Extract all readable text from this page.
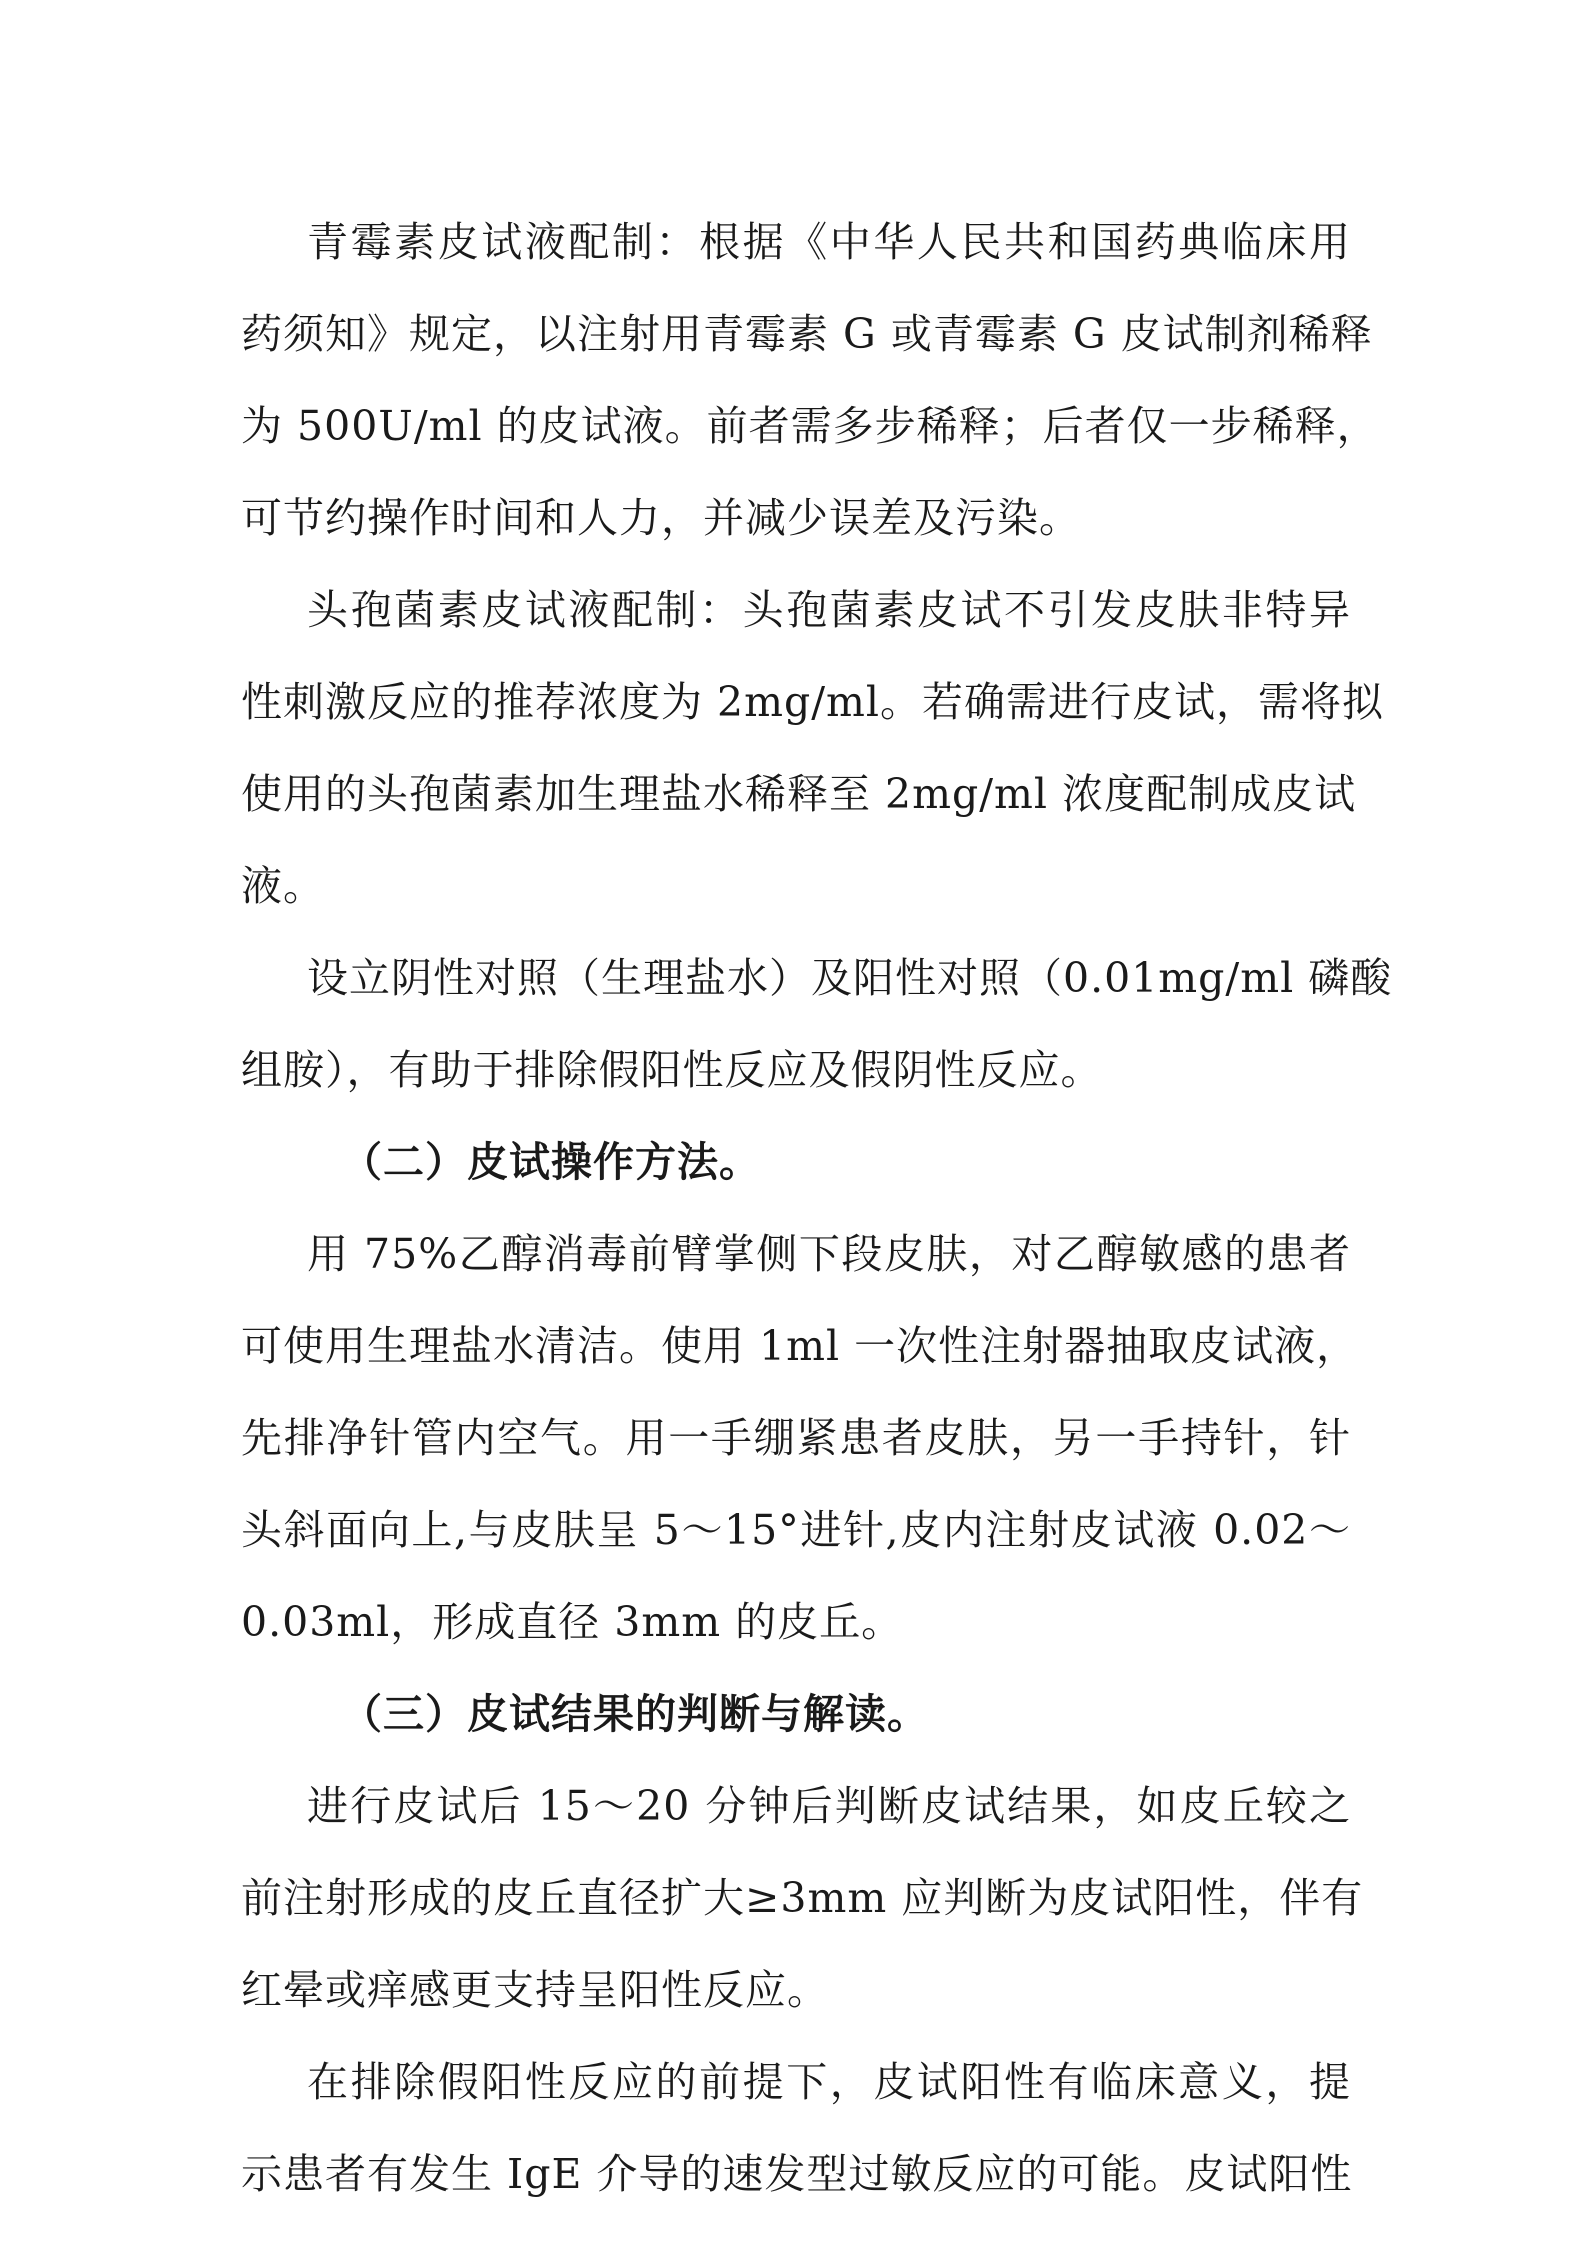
青霉素皮试液配制：根据《中华人民共和国药典临床用
药须知》规定，以注射用青霉素 G 或青霉素 G 皮试制剂稀释
为 500U/ml 的皮试液。前者需多步稀释；后者仅一步稀释，
可节约操作时间和人力，并减少误差及污染。
头孢菌素皮试液配制：头孢菌素皮试不引发皮肤非特异
性刺激反应的推荐浓度为 2mg/ml。若确需进行皮试，需将拟
使用的头孢菌素加生理盐水稀释至 2mg/ml 浓度配制成皮试
液。
设立阴性对照（生理盐水）及阳性对照（0.01mg/ml 磷酸
组胺），有助于排除假阳性反应及假阴性反应。
（二）皮试操作方法。
用 75%乙醇消毒前臂掌侧下段皮肤，对乙醇敏感的患者
可使用生理盐水清洁。使用 1ml 一次性注射器抽取皮试液，
先排净针管内空气。用一手绷紧患者皮肤，另一手持针，针
头斜面向上,与皮肤呈 5～15°进针,皮内注射皮试液 0.02～
0.03ml，形成直径 3mm 的皮丘。
（三）皮试结果的判断与解读。
进行皮试后 15～20 分钟后判断皮试结果，如皮丘较之
前注射形成的皮丘直径扩大≥3mm 应判断为皮试阳性，伴有
红晕或痒感更支持呈阳性反应。
在排除假阳性反应的前提下，皮试阳性有临床意义，提
示患者有发生 IgE 介导的速发型过敏反应的可能。皮试阳性
